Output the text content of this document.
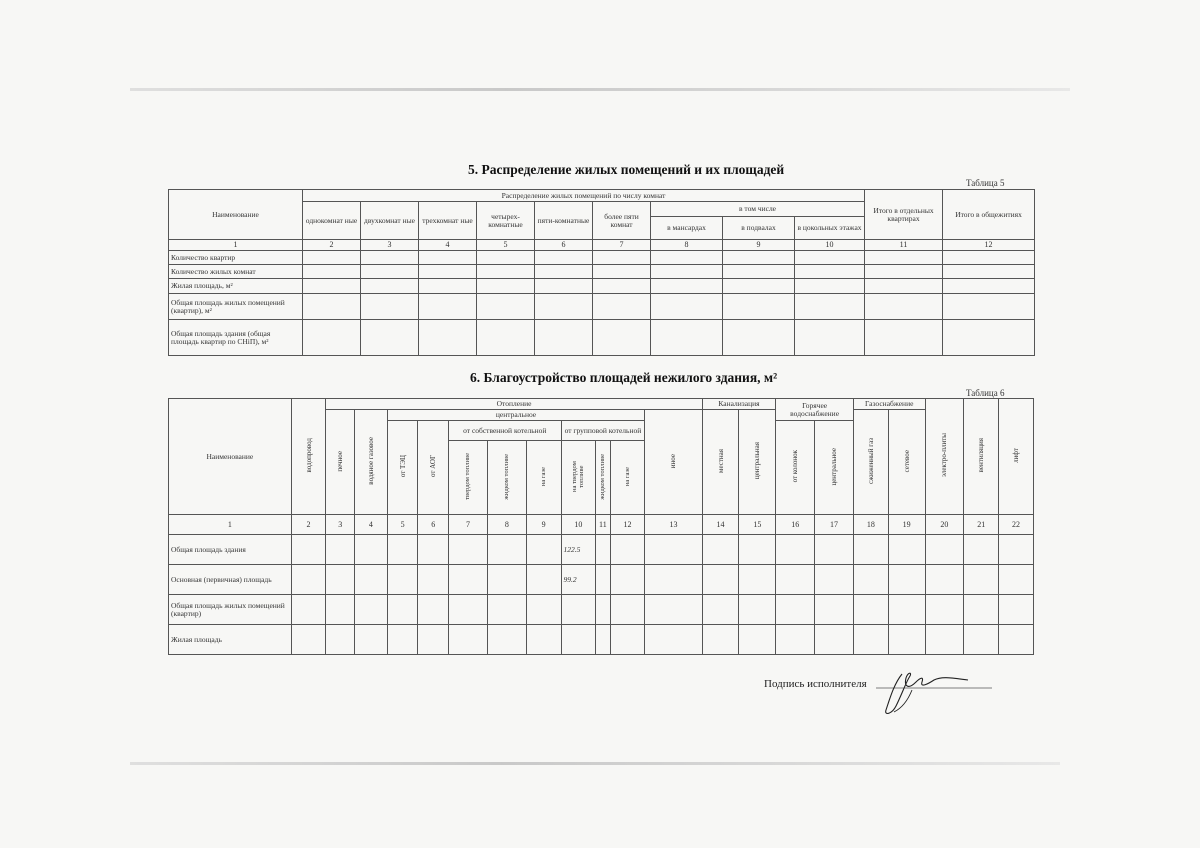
5. Распределение жилых помещений и их площадей
Таблица 5
Наименование	Распределение жилых помещений по числу комнат									Итого в отдельных квартирах	Итого в общежитиях
	однокомнат ные	двухкомнат ные	трехкомнат ные	четырех-комнатные	пяти-комнатные	более пяти комнат	в том числе				
							в мансардах	в подвалах	в цокольных этажах		
1	2	3	4	5	6	7	8	9	10	11	12
Количество квартир											
Количество жилых комнат											
Жилая площадь, м²											
Общая площадь жилых помещений (квартир), м²											
Общая площадь здания (общая площадь квартир по СНіП), м²											
6. Благоустройство площадей нежилого здания, м²
Таблица 6
Наименование	водопровод	Отопление											Канализация		Горячее водоснабжение		Газоснабжение		электро-плиты	вентиляция	лифт
		печное	водяное газовое	центральное								иное	местная	центральная			сжиженный газ	сетевое			
				от ТЭЦ	от АОГ	от собственной котельной			от групповой котельной						от колонок	центральное					
						твердом топливе	жидком топливе	на газе	на твердом топливе	жидком топливе	на газе										
1	2	3	4	5	6	7	8	9	10	11	12	13	14	15	16	17	18	19	20	21	22
Общая площадь здания									122.5												
Основная (первичная) площадь									99.2												
Общая площадь жилых помещений (квартир)																					
Жилая площадь																					
Подпись исполнителя
